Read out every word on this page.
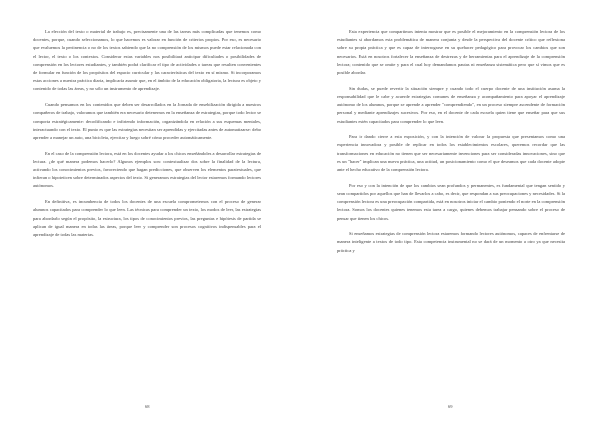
La elección del texto o material de trabajo es, precisamente una de las tareas más complicadas que tenemos como docentes, porque, cuando seleccionamos, lo que hacemos es valorar en función de criterios propios. Por eso, es necesario que evaluemos la pertinencia o no de los textos sabiendo que la no comprensión de los mismos puede estar relacionada con el lector, el texto o los contextos. Considerar estas variables nos posibilitará anticipar dificultades o posibilidades de comprensión en los lectores estudiantes, y también podrá clarificar el tipo de actividades o tareas que resulten convenientes de formular en función de los propósitos del espacio curricular y las características del texto en sí mismo. Si incorporamos estas acciones a nuestra práctica diaria, implicaría asumir que, en el ámbito de la educación obligatoria, la lectura es objeto y contenido de todas las áreas, y no sólo un instrumento de aprendizaje.

Cuando pensamos en los contenidos que deben ser desarrollados en la Jornada de ensebilización dirigida a nuestros compañeros de trabajo, valoramos que también era necesario detenernos en la enseñanza de estrategias, porque todo lector se comporta estratégicamente: decodificando e infiriendo información, organizándola en relación a sus esquemas mentales, interactuando con el texto. El punto es que las estrategias necesitan ser aprendidas y ejercitadas antes de automatizarse: debo aprender a manejar un auto, una bicicleta, ejercitar y luego sobré cómo proceder automáticamente.

En el caso de la comprensión lectora, está en los docentes ayudar a los chicos enseñándoles a desarrollar estrategias de lectura. ¿de qué manera podemos hacerlo? Algunos ejemplos son: contextualizar dos sobre la finalidad de la lectura, activando los conocimientos previos, favoreciendo que hagan predicciones, que observen los elementos paratextuales, que infieran o hipoteticen sobre determinados aspectos del texto. Si generamos estrategias del lector estaremos formando lectores autónomos.

En definitiva, es incumbencia de todos los docentes de una escuela comprometernos con el proceso de generar alumnos capacitados para comprender lo que leen. Las técnicas para comprender un texto, los modos de leer, las estrategias para abordarlo según el propósito, la estructura, los tipos de conocimientos previos, las preguntas e hipótesis de partida se aplican de igual manera en todas las áreas, porque leer y comprender son procesos cognitivos indispensables para el aprendizaje de todas las materias.

68

Esta experiencia que compartimos intenta mostrar que es posible el mejoramiento en la comprensión lectora de los estudiantes si abordamos esta problemática de manera conjunta y desde la perspectiva del docente crítico que reflexiona sobre su propia práctica y que es capaz de interrogarse en su quehacer pedagógico para provocar los cambios que son necesarios. Está en nosotros fortalecer la enseñanza de destrezas y de herramientas para el aprendizaje de la comprensión lectora; contenido que se omite y para el cual hoy demandamos pautas ni enseñanza sistemática pero que sí vimos que es posible abordar.

Sin dudas, se puede revertir la situación siempre y cuando todo el cuerpo docente de una institución asuma la responsabilidad que le cabe y acuerde estrategias comunes de enseñanza y acompañamiento para apoyar el aprendizaje autónomo de los alumnos, porque se aprende a aprender "comprendiendo", en un proceso siempre ascendente de formación personal y mediante aprendizajes sucesivos. Por eso, en el docente de cada escuela quien tiene que enseñar para que sus estudiantes estén capacitados para comprender lo que leen.

Para ir dando cierre a esta exposición, y con la intención de valorar la propuesta que presentamos como una experiencia innovadora y posible de replicar en todos los establecimientos escolares, queremos recordar que las transformaciones en educación no tienen que ser necesariamente invenciones para ser consideradas innovaciones, sino que es un "hacer" implican una nueva práctica, una actitud, un posicionamiento como el que deseamos que cada docente adopte ante el hecho educativo de la comprensión lectora.

Por eso y con la intención de que los cambios sean profundos y permanentes, es fundamental que tengan sentido y sean compartidos por aquellos que han de llevarlos a cabo, es decir, que respondan a sus preocupaciones y necesidades. Si la comprensión lectora es una preocupación compartida, está en nosotros iniciar el cambio poniendo el norte en la comprensión lectora. Somos los docentes quienes tenemos esta tarea a cargo, quienes debemos trabajar pensando sobre el proceso de pensar que tienen los chicos.

Si enseñamos estrategias de comprensión lectora estaremos formando lectores autónomos, capaces de enfrentarse de manera inteligente a textos de todo tipo. Esta competencia instrumental no se dará de un momento a otro ya que necesita práctica y

69
